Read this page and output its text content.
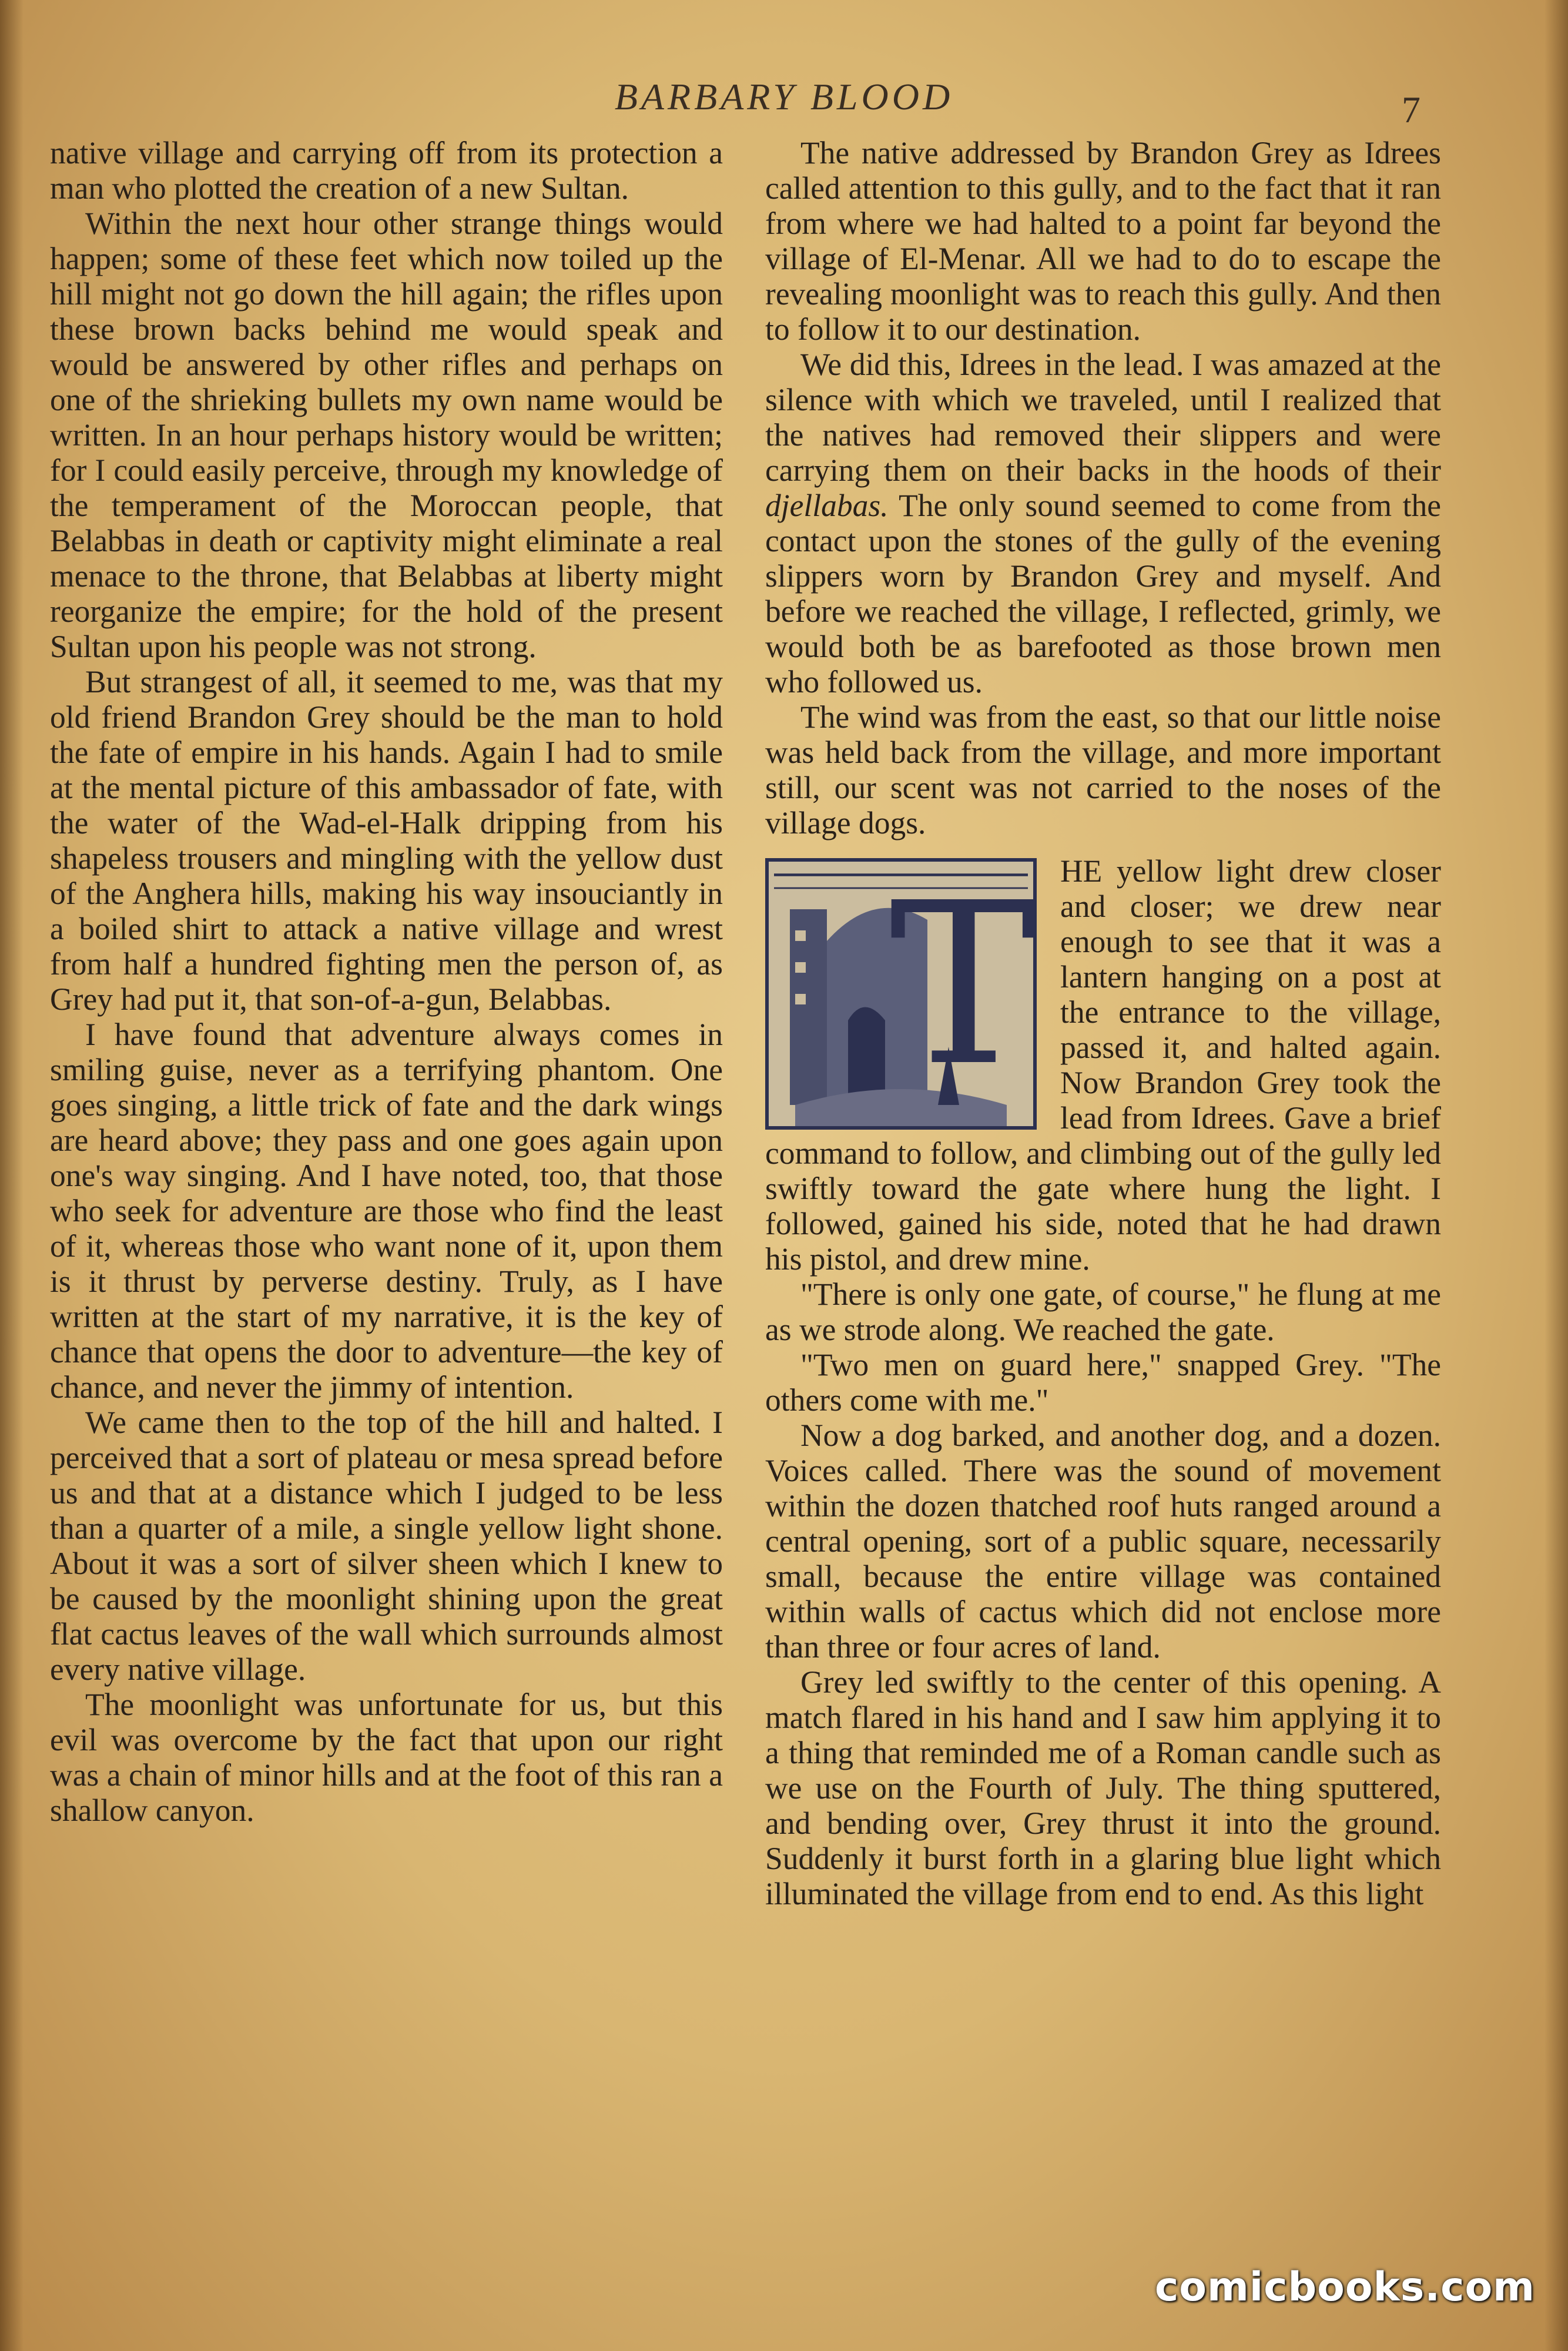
BARBARY BLOOD	7

native village and carrying off from its protection a man who plotted the creation of a new Sultan.

Within the next hour other strange things would happen; some of these feet which now toiled up the hill might not go down the hill again; the rifles upon these brown backs behind me would speak and would be answered by other rifles and perhaps on one of the shrieking bullets my own name would be written. In an hour perhaps history would be written; for I could easily perceive, through my knowledge of the temperament of the Moroccan people, that Belabbas in death or captivity might eliminate a real menace to the throne, that Belabbas at liberty might reorganize the empire; for the hold of the present Sultan upon his people was not strong.

But strangest of all, it seemed to me, was that my old friend Brandon Grey should be the man to hold the fate of empire in his hands. Again I had to smile at the mental picture of this ambassador of fate, with the water of the Wad-el-Halk dripping from his shapeless trousers and mingling with the yellow dust of the Anghera hills, making his way insouciantly in a boiled shirt to attack a native village and wrest from half a hundred fighting men the person of, as Grey had put it, that son-of-a-gun, Belabbas.

I have found that adventure always comes in smiling guise, never as a terrifying phantom. One goes singing, a little trick of fate and the dark wings are heard above; they pass and one goes again upon one's way singing. And I have noted, too, that those who seek for adventure are those who find the least of it, whereas those who want none of it, upon them is it thrust by perverse destiny. Truly, as I have written at the start of my narrative, it is the key of chance that opens the door to adventure—the key of chance, and never the jimmy of intention.

We came then to the top of the hill and halted. I perceived that a sort of plateau or mesa spread before us and that at a distance which I judged to be less than a quarter of a mile, a single yellow light shone. About it was a sort of silver sheen which I knew to be caused by the moonlight shining upon the great flat cactus leaves of the wall which surrounds almost every native village.

The moonlight was unfortunate for us, but this evil was overcome by the fact that upon our right was a chain of minor hills and at the foot of this ran a shallow canyon.

The native addressed by Brandon Grey as Idrees called attention to this gully, and to the fact that it ran from where we had halted to a point far beyond the village of El-Menar. All we had to do to escape the revealing moonlight was to reach this gully. And then to follow it to our destination.

We did this, Idrees in the lead. I was amazed at the silence with which we traveled, until I realized that the natives had removed their slippers and were carrying them on their backs in the hoods of their djellabas. The only sound seemed to come from the contact upon the stones of the gully of the evening slippers worn by Brandon Grey and myself. And before we reached the village, I reflected, grimly, we would both be as barefooted as those brown men who followed us.

The wind was from the east, so that our little noise was held back from the village, and more important still, our scent was not carried to the noses of the village dogs.

T HE yellow light drew closer and closer; we drew near enough to see that it was a lantern hanging on a post at the entrance to the village, passed it, and halted again. Now Brandon Grey took the lead from Idrees. Gave a brief command to follow, and climbing out of the gully led swiftly toward the gate where hung the light. I followed, gained his side, noted that he had drawn his pistol, and drew mine.

"There is only one gate, of course," he flung at me as we strode along. We reached the gate.

"Two men on guard here," snapped Grey. "The others come with me."

Now a dog barked, and another dog, and a dozen. Voices called. There was the sound of movement within the dozen thatched roof huts ranged around a central opening, sort of a public square, necessarily small, because the entire village was contained within walls of cactus which did not enclose more than three or four acres of land.

Grey led swiftly to the center of this opening. A match flared in his hand and I saw him applying it to a thing that reminded me of a Roman candle such as we use on the Fourth of July. The thing sputtered, and bending over, Grey thrust it into the ground. Suddenly it burst forth in a glaring blue light which illuminated the village from end to end. As this light

comicbooks.com
